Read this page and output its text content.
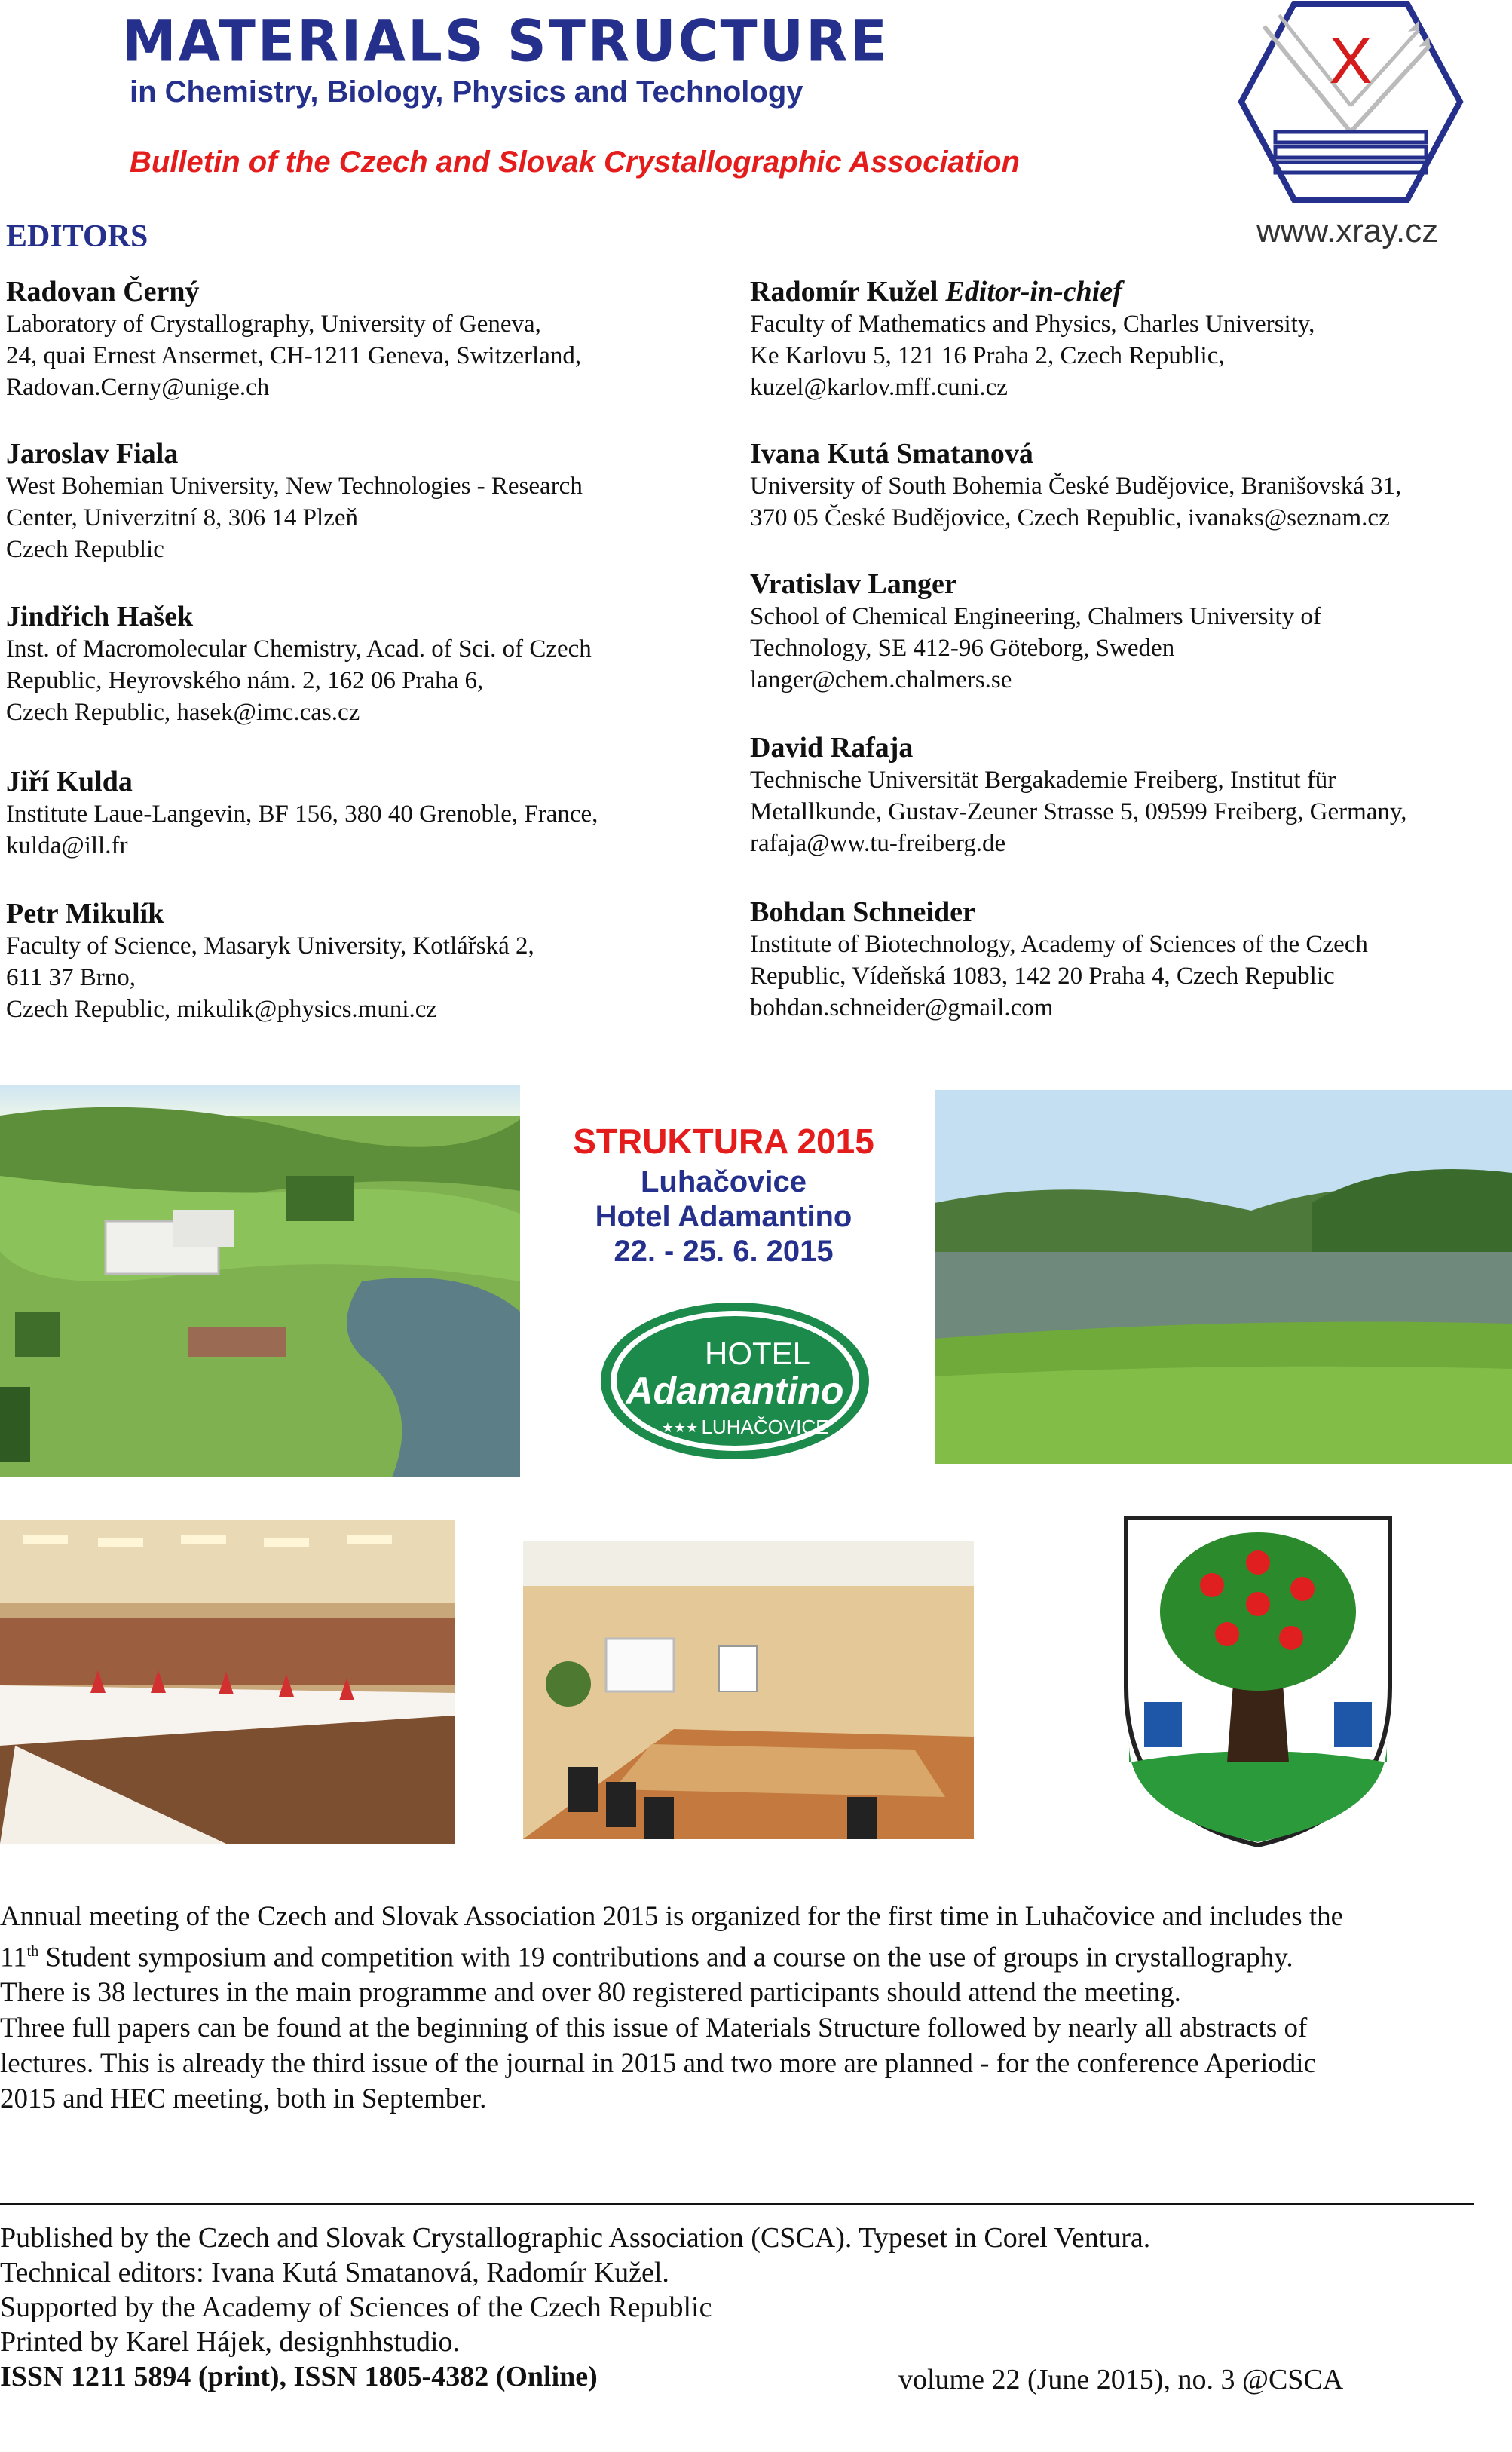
MATERIALS STRUCTURE
in Chemistry, Biology, Physics and Technology
Bulletin of the Czech and Slovak Crystallographic Association
X
www.xray.cz
EDITORS
Radovan Černý
Laboratory of Crystallography, University of Geneva,
24, quai Ernest Ansermet, CH-1211 Geneva, Switzerland,
Radovan.Cerny@unige.ch
Jaroslav Fiala
West Bohemian University, New Technologies - Research
Center, Univerzitní 8, 306 14 Plzeň
Czech Republic
Jindřich Hašek
Inst. of Macromolecular Chemistry, Acad. of Sci. of Czech
Republic, Heyrovského nám. 2, 162 06 Praha 6,
Czech Republic, hasek@imc.cas.cz
Jiří Kulda
Institute Laue-Langevin, BF 156, 380 40 Grenoble, France,
kulda@ill.fr
Petr Mikulík
Faculty of Science, Masaryk University, Kotlářská 2,
611 37 Brno,
Czech Republic, mikulik@physics.muni.cz
Radomír Kužel Editor-in-chief
Faculty of Mathematics and Physics, Charles University,
Ke Karlovu 5, 121 16 Praha 2, Czech Republic,
kuzel@karlov.mff.cuni.cz
Ivana Kutá Smatanová
University of South Bohemia České Budějovice, Branišovská 31,
370 05 České Budějovice, Czech Republic, ivanaks@seznam.cz
Vratislav Langer
School of Chemical Engineering, Chalmers University of
Technology, SE 412-96 Göteborg, Sweden
langer@chem.chalmers.se
David Rafaja
Technische Universität Bergakademie Freiberg, Institut für
Metallkunde, Gustav-Zeuner Strasse 5, 09599 Freiberg, Germany,
rafaja@ww.tu-freiberg.de
Bohdan Schneider
Institute of Biotechnology, Academy of Sciences of the Czech
Republic, Vídeňská 1083, 142 20 Praha 4, Czech Republic
bohdan.schneider@gmail.com
STRUKTURA 2015
Luhačovice
Hotel Adamantino
22. - 25. 6. 2015
HOTEL
Adamantino
★★★ LUHAČOVICE

Annual meeting of the Czech and Slovak Association 2015 is organized for the first time in Luhačovice and includes the

11th Student symposium and competition with 19 contributions and a course on the use of groups in crystallography.

There is 38 lectures in the main programme and over 80 registered participants should attend the meeting.

Three full papers can be found at the beginning of this issue of Materials Structure followed by nearly all abstracts of

lectures. This is already the third issue of the journal in 2015 and two more are planned - for the conference Aperiodic

2015 and HEC meeting, both in September.

Published by the Czech and Slovak Crystallographic Association (CSCA). Typeset in Corel Ventura.

Technical editors: Ivana Kutá Smatanová, Radomír Kužel.

Supported by the Academy of Sciences of the Czech Republic

Printed by Karel Hájek, designhhstudio.

ISSN 1211 5894 (print), ISSN 1805-4382 (Online)	volume 22 (June 2015), no. 3 @CSCA
